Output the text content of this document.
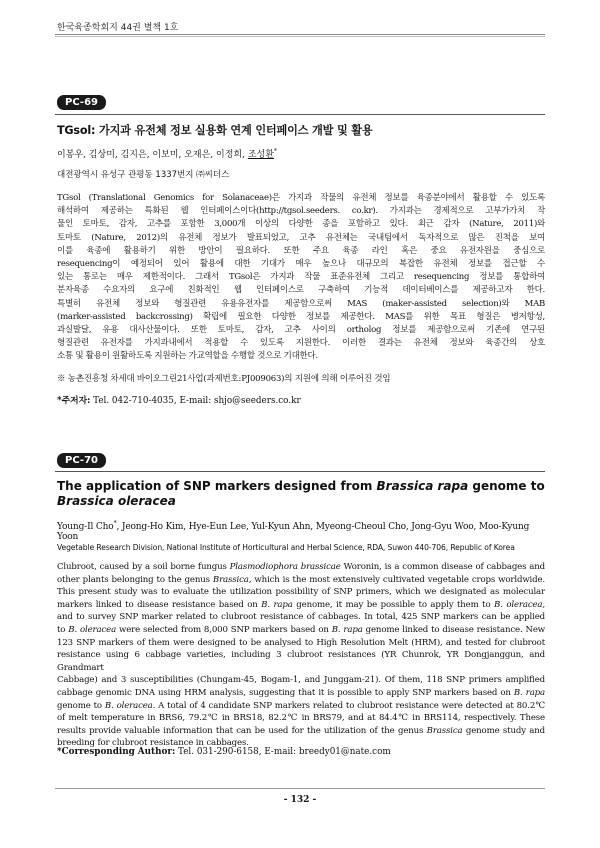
한국육종학회지 44권 별책 1호
PC-69
TGsol: 가지과 유전체 정보 실용화 연계 인터페이스 개발 및 활용
이봉우, 김상미, 김지은, 이보미, 오재은, 이정희, 조성환*
대전광역시 유성구 관평동 1337번지 ㈜씨더스
TGsol (Translational Genomics for Solanaceae)은 가지과 작물의 유전체 정보를 육종분야에서 활용할 수 있도록
해석하여 제공하는 특화된 웹 인터페이스이다(http://tgsol.seeders. co.kr). 가지과는 경제적으로 고부가가치 작
물인 토마토, 감자, 고추를 포함한 3,000개 이상의 다양한 종을 포함하고 있다. 최근 감자 (Nature, 2011)와
토마토 (Nature, 2012)의 유전체 정보가 발표되었고, 고추 유전체는 국내팀에서 독자적으로 많은 진척을 보여
이를 육종에 활용하기 위한 방안이 필요하다. 또한 주요 육종 라인 혹은 중요 유전자원을 중심으로
resequencing이 예정되어 있어 활용에 대한 기대가 매우 높으나 대규모의 복잡한 유전체 정보를 접근할 수
있는 통로는 매우 제한적이다. 그래서 TGsol은 가지과 작물 표준유전체 그리고 resequencing 정보를 통합하여
분자육종 수요자의 요구에 친화적인 웹 인터페이스로 구축하여 기능적 데이터베이스를 제공하고자 한다.
특별히 유전체 정보와 형질관련 유용유전자를 제공함으로써 MAS (maker-assisted selection)와 MAB
(marker-assisted backcrossing) 확립에 필요한 다양한 정보를 제공한다. MAS를 위한 목표 형질은 병저항성,
과실발달, 유용 대사산물이다. 또한 토마토, 감자, 고추 사이의 ortholog 정보를 제공함으로써 기존에 연구된
형질관련 유전자를 가지과내에서 적용할 수 있도록 지원한다. 이러한 결과는 유전체 정보와 육종간의 상호
소통 및 활용이 원활하도록 지원하는 가교역할을 수행할 것으로 기대한다.
※ 농촌진흥청 차세대 바이오그린21사업(과제번호:PJ009063)의 지원에 의해 이루어진 것임
*주저자: Tel. 042-710-4035, E-mail: shjo@seeders.co.kr
PC-70
The application of SNP markers designed from Brassica rapa genome to Brassica oleracea
Young-Il Cho*, Jeong-Ho Kim, Hye-Eun Lee, Yul-Kyun Ahn, Myeong-Cheoul Cho, Jong-Gyu Woo, Moo-Kyung Yoon
Vegetable Research Division, National Institute of Horticultural and Herbal Science, RDA, Suwon 440-706, Republic of Korea
Clubroot, caused by a soil borne fungus Plasmodiophora brassicae Woronin, is a common disease of cabbages and
other plants belonging to the genus Brassica, which is the most extensively cultivated vegetable crops worldwide.
This present study was to evaluate the utilization possibility of SNP primers, which we designated as molecular
markers linked to disease resistance based on B. rapa genome, it may be possible to apply them to B. oleracea,
and to survey SNP marker related to clubroot resistance of cabbages. In total, 425 SNP markers can be applied
to B. oleracea were selected from 8,000 SNP markers based on B. rapa genome linked to disease resistance. New
123 SNP markers of them were designed to be analysed to High Resolution Melt (HRM), and tested for clubroot
resistance using 6 cabbage varieties, including 3 clubroot resistances (YR Chunrok, YR Dongjanggun, and Grandmart
Cabbage) and 3 susceptibilities (Chungam-45, Bogam-1, and Junggam-21). Of them, 118 SNP primers amplified
cabbage genomic DNA using HRM analysis, suggesting that it is possible to apply SNP markers based on B. rapa
genome to B. oleracea. A total of 4 candidate SNP markers related to clubroot resistance were detected at 80.2℃
of melt temperature in BRS6, 79.2℃ in BRS18, 82.2℃ in BRS79, and at 84.4℃ in BRS114, respectively. These
results provide valuable information that can be used for the utilization of the genus Brassica genome study and
breeding for clubroot resistance in cabbages.
*Corresponding Author: Tel. 031-290-6158, E-mail: breedy01@nate.com
- 132 -
